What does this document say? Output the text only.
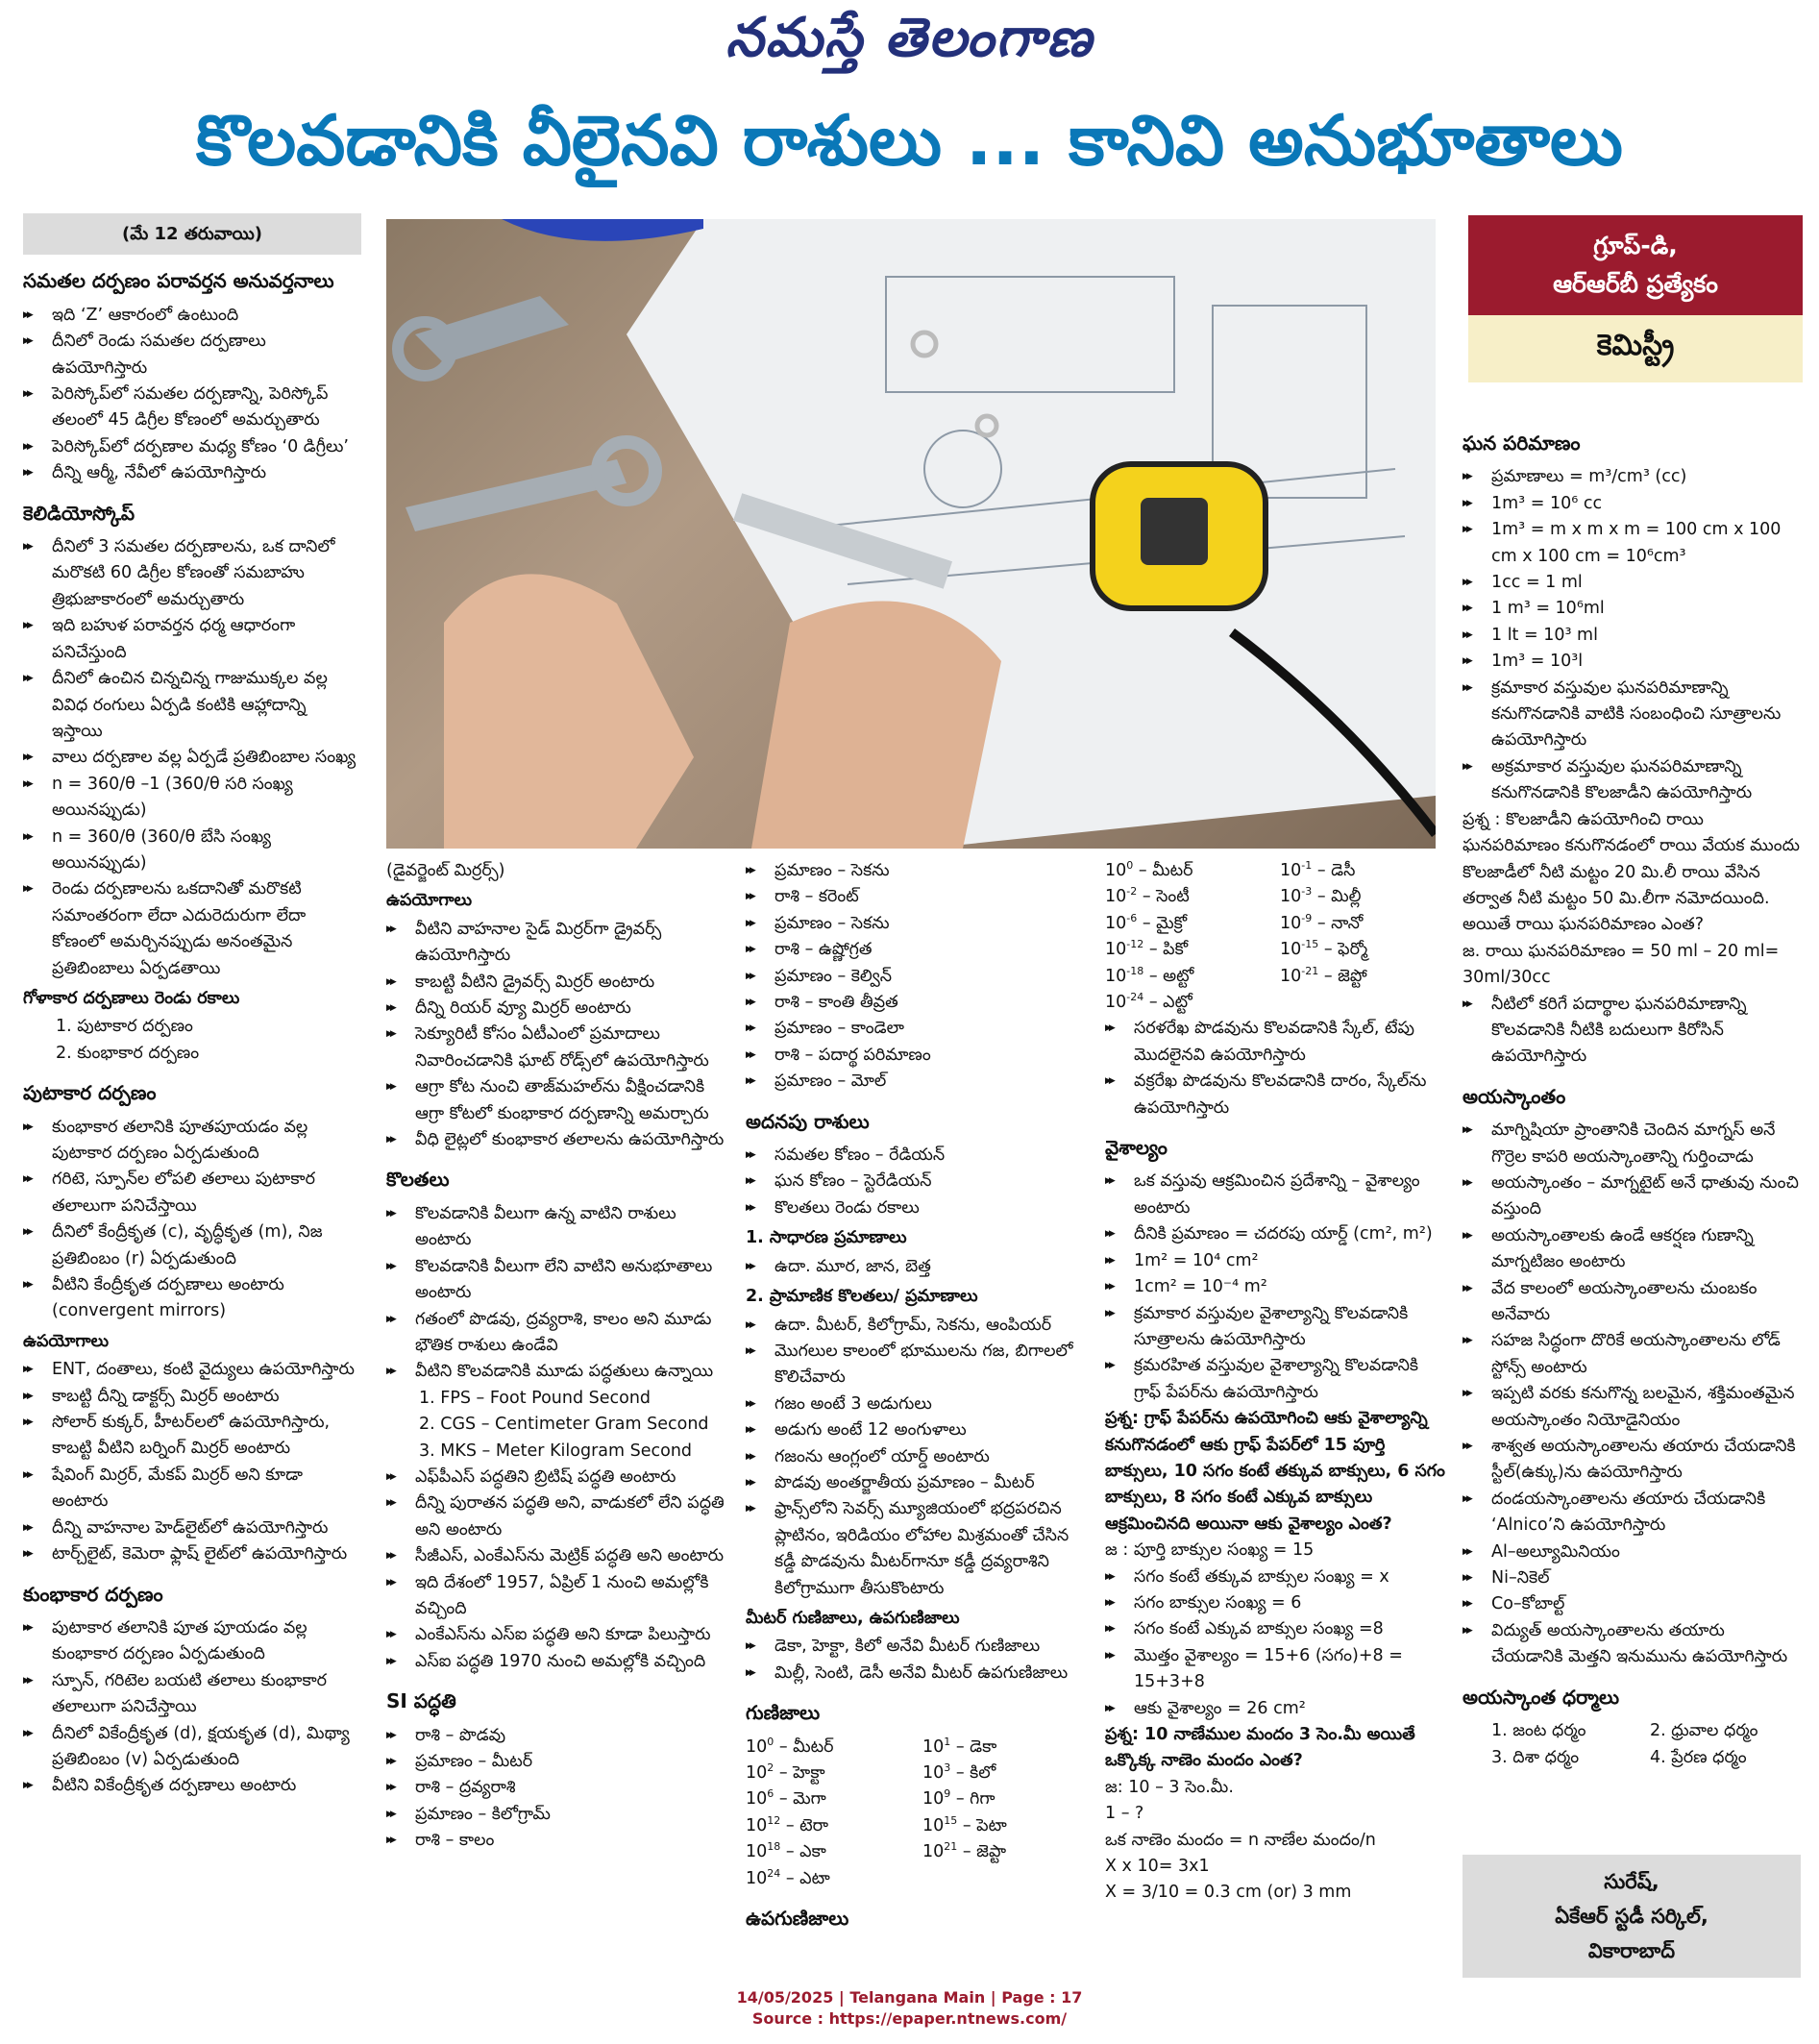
నమస్తే తెలంగాణ
కొలవడానికి వీలైనవి రాశులు ... కానివి అనుభూతాలు
(మే 12 తరువాయి)
సమతల దర్పణం పరావర్తన అనువర్తనాలు
▶▶ ఇది ‘Z’ ఆకారంలో ఉంటుంది
▶▶ దీనిలో రెండు సమతల దర్పణాలు ఉపయోగిస్తారు
▶▶ పెరిస్కోప్‌లో సమతల దర్పణాన్ని, పెరిస్కోప్ తలంలో 45 డిగ్రీల కోణంలో అమర్చుతారు
▶▶ పెరిస్కోప్‌లో దర్పణాల మధ్య కోణం ‘0 డిగ్రీలు’
▶▶ దీన్ని ఆర్మీ, నేవీలో ఉపయోగిస్తారు
కెలిడియోస్కోప్
▶▶ దీనిలో 3 సమతల దర్పణాలను, ఒక దానిలో మరొకటి 60 డిగ్రీల కోణంతో సమబాహు త్రిభుజాకారంలో అమర్చుతారు
▶▶ ఇది బహుళ పరావర్తన ధర్మ ఆధారంగా పనిచేస్తుంది
▶▶ దీనిలో ఉంచిన చిన్నచిన్న గాజుముక్కల వల్ల వివిధ రంగులు ఏర్పడి కంటికి ఆహ్లాదాన్ని ఇస్తాయి
▶▶ వాలు దర్పణాల వల్ల ఏర్పడే ప్రతిబింబాల సంఖ్య
▶▶ n = 360/θ –1 (360/θ సరి సంఖ్య అయినప్పుడు)
▶▶ n = 360/θ (360/θ బేసి సంఖ్య అయినప్పుడు)
▶▶ రెండు దర్పణాలను ఒకదానితో మరొకటి సమాంతరంగా లేదా ఎదురెదురుగా లేదా కోణంలో అమర్చినప్పుడు అనంతమైన ప్రతిబింబాలు ఏర్పడతాయి
గోళాకార దర్పణాలు రెండు రకాలు
1. పుటాకార దర్పణం
2. కుంభాకార దర్పణం
పుటాకార దర్పణం
▶▶ కుంభాకార తలానికి పూతపూయడం వల్ల పుటాకార దర్పణం ఏర్పడుతుంది
▶▶ గరిటె, స్పూన్‌ల లోపలి తలాలు పుటాకార తలాలుగా పనిచేస్తాయి
▶▶ దీనిలో కేంద్రీకృత (c), వృద్ధీకృత (m), నిజ ప్రతిబింబం (r) ఏర్పడుతుంది
▶▶ వీటిని కేంద్రీకృత దర్పణాలు అంటారు (convergent mirrors)
ఉపయోగాలు
▶▶ ENT, దంతాలు, కంటి వైద్యులు ఉపయోగిస్తారు
▶▶ కాబట్టి దీన్ని డాక్టర్స్ మిర్రర్ అంటారు
▶▶ సోలార్ కుక్కర్, హీటర్‌లలో ఉపయోగిస్తారు, కాబట్టి వీటిని బర్నింగ్ మిర్రర్ అంటారు
▶▶ షేవింగ్ మిర్రర్, మేకప్ మిర్రర్ అని కూడా అంటారు
▶▶ దీన్ని వాహనాల హెడ్‌లైట్‌లో ఉపయోగిస్తారు
▶▶ టార్చ్‌లైట్, కెమెరా ఫ్లాష్ లైట్‌లో ఉపయోగిస్తారు
కుంభాకార దర్పణం
▶▶ పుటాకార తలానికి పూత పూయడం వల్ల కుంభాకార దర్పణం ఏర్పడుతుంది
▶▶ స్పూన్, గరిటెల బయటి తలాలు కుంభాకార తలాలుగా పనిచేస్తాయి
▶▶ దీనిలో వికేంద్రీకృత (d), క్షయకృత (d), మిథ్యా ప్రతిబింబం (v) ఏర్పడుతుంది
▶▶ వీటిని వికేంద్రీకృత దర్పణాలు అంటారు
(డైవర్జెంట్ మిర్రర్స్)
ఉపయోగాలు
▶▶ వీటిని వాహనాల సైడ్ మిర్రర్‌గా డ్రైవర్స్ ఉపయోగిస్తారు
▶▶ కాబట్టి వీటిని డ్రైవర్స్ మిర్రర్ అంటారు
▶▶ దీన్ని రియర్ వ్యూ మిర్రర్ అంటారు
▶▶ సెక్యూరిటీ కోసం ఏటీఎంలో ప్రమాదాలు నివారించడానికి ఘాట్ రోడ్స్‌లో ఉపయోగిస్తారు
▶▶ ఆగ్రా కోట నుంచి తాజ్‌మహల్‌ను వీక్షించడానికి ఆగ్రా కోటలో కుంభాకార దర్పణాన్ని అమర్చారు
▶▶ వీధి లైట్లలో కుంభాకార తలాలను ఉపయోగిస్తారు
కొలతలు
▶▶ కొలవడానికి వీలుగా ఉన్న వాటిని రాశులు అంటారు
▶▶ కొలవడానికి వీలుగా లేని వాటిని అనుభూతాలు అంటారు
▶▶ గతంలో పొడవు, ద్రవ్యరాశి, కాలం అని మూడు భౌతిక రాశులు ఉండేవి
▶▶ వీటిని కొలవడానికి మూడు పద్ధతులు ఉన్నాయి
1. FPS – Foot Pound Second
2. CGS – Centimeter Gram Second
3. MKS – Meter Kilogram Second
▶▶ ఎఫ్‌పీఎస్ పద్ధతిని బ్రిటిష్ పద్ధతి అంటారు
▶▶ దీన్ని పురాతన పద్ధతి అని, వాడుకలో లేని పద్ధతి అని అంటారు
▶▶ సీజీఎస్, ఎంకేఎస్‌ను మెట్రిక్ పద్ధతి అని అంటారు
▶▶ ఇది దేశంలో 1957, ఏప్రిల్ 1 నుంచి అమల్లోకి వచ్చింది
▶▶ ఎంకేఎస్‌ను ఎస్ఐ పద్ధతి అని కూడా పిలుస్తారు
▶▶ ఎస్ఐ పద్ధతి 1970 నుంచి అమల్లోకి వచ్చింది
SI పద్ధతి
▶▶ రాశి – పొడవు
▶▶ ప్రమాణం – మీటర్
▶▶ రాశి – ద్రవ్యరాశి
▶▶ ప్రమాణం – కిలోగ్రామ్
▶▶ రాశి – కాలం
▶▶ ప్రమాణం – సెకను
▶▶ రాశి – కరెంట్
▶▶ ప్రమాణం – సెకను
▶▶ రాశి – ఉష్ణోగ్రత
▶▶ ప్రమాణం – కెల్విన్
▶▶ రాశి – కాంతి తీవ్రత
▶▶ ప్రమాణం – కాండెలా
▶▶ రాశి – పదార్థ పరిమాణం
▶▶ ప్రమాణం – మోల్
అదనపు రాశులు
▶▶ సమతల కోణం – రేడియన్
▶▶ ఘన కోణం – స్టెరేడియన్
▶▶ కొలతలు రెండు రకాలు
1. సాధారణ ప్రమాణాలు
▶▶ ఉదా. మూర, జాన, బెత్త
2. ప్రామాణిక కొలతలు/ ప్రమాణాలు
▶▶ ఉదా. మీటర్, కిలోగ్రామ్, సెకను, ఆంపియర్
▶▶ మొగలుల కాలంలో భూములను గజ, బిగాలలో కొలిచేవారు
▶▶ గజం అంటే 3 అడుగులు
▶▶ అడుగు అంటే 12 అంగుళాలు
▶▶ గజంను ఆంగ్లంలో యార్డ్ అంటారు
▶▶ పొడవు అంతర్జాతీయ ప్రమాణం – మీటర్
▶▶ ఫ్రాన్స్‌లోని సెవర్స్ మ్యూజియంలో భద్రపరచిన ప్లాటినం, ఇరిడియం లోహాల మిశ్రమంతో చేసిన కడ్డీ పొడవును మీటర్‌గానూ కడ్డీ ద్రవ్యరాశిని కిలోగ్రాముగా తీసుకొంటారు
మీటర్ గుణిజాలు, ఉపగుణిజాలు
▶▶ డెకా, హెక్టా, కిలో అనేవి మీటర్ గుణిజాలు
▶▶ మిల్లీ, సెంటి, డెసీ అనేవి మీటర్ ఉపగుణిజాలు
గుణిజాలు
$10^0$ – మీటర్	$10^1$ – డెకా
$10^2$ – హెక్టా	$10^3$ – కిలో
$10^6$ – మెగా	$10^9$ – గిగా
$10^{12}$ – టెరా	$10^{15}$ – పెటా
$10^{18}$ – ఎకా	$10^{21}$ – జెప్టా
$10^{24}$ – ఎటా
ఉపగుణిజాలు
$10^0$ – మీటర్	$10^{-1}$ – డెసీ
$10^{-2}$ – సెంటీ	$10^{-3}$ – మిల్లీ
$10^{-6}$ – మైక్రో	$10^{-9}$ – నానో
$10^{-12}$ – పికో	$10^{-15}$ – ఫెర్మో
$10^{-18}$ – అట్టో	$10^{-21}$ – జెప్టో
$10^{-24}$ – ఎట్టో
▶▶ సరళరేఖ పొడవును కొలవడానికి స్కేల్, టేపు మొదలైనవి ఉపయోగిస్తారు
▶▶ వక్రరేఖ పొడవును కొలవడానికి దారం, స్కేల్‌ను ఉపయోగిస్తారు
వైశాల్యం
▶▶ ఒక వస్తువు ఆక్రమించిన ప్రదేశాన్ని – వైశాల్యం అంటారు
▶▶ దీనికి ప్రమాణం = చదరపు యార్డ్ (cm², m²)
▶▶ 1m² = 10⁴ cm²
▶▶ 1cm² = 10⁻⁴ m²
▶▶ క్రమాకార వస్తువుల వైశాల్యాన్ని కొలవడానికి సూత్రాలను ఉపయోగిస్తారు
▶▶ క్రమరహిత వస్తువుల వైశాల్యాన్ని కొలవడానికి గ్రాఫ్ పేపర్‌ను ఉపయోగిస్తారు
ప్రశ్న: గ్రాఫ్ పేపర్‌ను ఉపయోగించి ఆకు వైశాల్యాన్ని కనుగొనడంలో ఆకు గ్రాఫ్ పేపర్‌లో 15 పూర్తి బాక్సులు, 10 సగం కంటే తక్కువ బాక్సులు, 6 సగం బాక్సులు, 8 సగం కంటే ఎక్కువ బాక్సులు ఆక్రమించినది అయినా ఆకు వైశాల్యం ఎంత?
జ : పూర్తి బాక్సుల సంఖ్య = 15
▶▶ సగం కంటే తక్కువ బాక్సుల సంఖ్య = x
▶▶ సగం బాక్సుల సంఖ్య = 6
▶▶ సగం కంటే ఎక్కువ బాక్సుల సంఖ్య =8
▶▶ మొత్తం వైశాల్యం = 15+6 (సగం)+8 = 15+3+8
▶▶ ఆకు వైశాల్యం = 26 cm²
ప్రశ్న: 10 నాణేముల మందం 3 సెం.మీ అయితే ఒక్కొక్క నాణెం మందం ఎంత?
జ: 10 – 3 సెం.మీ.
1 – ?
ఒక నాణెం మందం = n నాణేల మందం/n
X x 10= 3x1
X = 3/10 = 0.3 cm (or) 3 mm
గ్రూప్-డి,
ఆర్ఆర్‌బీ ప్రత్యేకం
కెమిస్ట్రీ
ఘన పరిమాణం
▶▶ ప్రమాణాలు = m³/cm³ (cc)
▶▶ 1m³ = 10⁶ cc
▶▶ 1m³ = m x m x m = 100 cm x 100 cm x 100 cm = 10⁶cm³
▶▶ 1cc = 1 ml
▶▶ 1 m³ = 10⁶ml
▶▶ 1 lt = 10³ ml
▶▶ 1m³ = 10³l
▶▶ క్రమాకార వస్తువుల ఘనపరిమాణాన్ని కనుగొనడానికి వాటికి సంబంధించి సూత్రాలను ఉపయోగిస్తారు
▶▶ అక్రమాకార వస్తువుల ఘనపరిమాణాన్ని కనుగొనడానికి కొలజాడీని ఉపయోగిస్తారు
ప్రశ్న : కొలజాడీని ఉపయోగించి రాయి ఘనపరిమాణం కనుగొనడంలో రాయి వేయక ముందు కొలజాడీలో నీటి మట్టం 20 మి.లీ రాయి వేసిన తర్వాత నీటి మట్టం 50 మి.లీగా నమోదయింది. అయితే రాయి ఘనపరిమాణం ఎంత?
జ. రాయి ఘనపరిమాణం = 50 ml – 20 ml= 30ml/30cc
▶▶ నీటిలో కరిగే పదార్థాల ఘనపరిమాణాన్ని కొలవడానికి నీటికి బదులుగా కిరోసిన్ ఉపయోగిస్తారు
అయస్కాంతం
▶▶ మాగ్నిషియా ప్రాంతానికి చెందిన మాగ్నస్ అనే గొర్రెల కాపరి అయస్కాంతాన్ని గుర్తించాడు
▶▶ అయస్కాంతం – మాగ్నటైట్ అనే ధాతువు నుంచి వస్తుంది
▶▶ అయస్కాంతాలకు ఉండే ఆకర్షణ గుణాన్ని మాగ్నటిజం అంటారు
▶▶ వేద కాలంలో అయస్కాంతాలను చుంబకం అనేవారు
▶▶ సహజ సిద్ధంగా దొరికే అయస్కాంతాలను లోడ్ స్టోన్స్ అంటారు
▶▶ ఇప్పటి వరకు కనుగొన్న బలమైన, శక్తిమంతమైన అయస్కాంతం నియోడైనియం
▶▶ శాశ్వత అయస్కాంతాలను తయారు చేయడానికి స్టీల్(ఉక్కు)ను ఉపయోగిస్తారు
▶▶ దండయస్కాంతాలను తయారు చేయడానికి ‘Alnico’ని ఉపయోగిస్తారు
▶▶ Al–అల్యూమినియం
▶▶ Ni–నికెల్
▶▶ Co–కోబాల్ట్
▶▶ విద్యుత్ అయస్కాంతాలను తయారు చేయడానికి మెత్తని ఇనుమును ఉపయోగిస్తారు
అయస్కాంత ధర్మాలు
1. జంట ధర్మం	2. ధ్రువాల ధర్మం
3. దిశా ధర్మం	4. ప్రేరణ ధర్మం
సురేష్,
ఏకేఆర్ స్టడీ సర్కిల్,
వికారాబాద్
14/05/2025 | Telangana Main | Page : 17
Source : https://epaper.ntnews.com/
